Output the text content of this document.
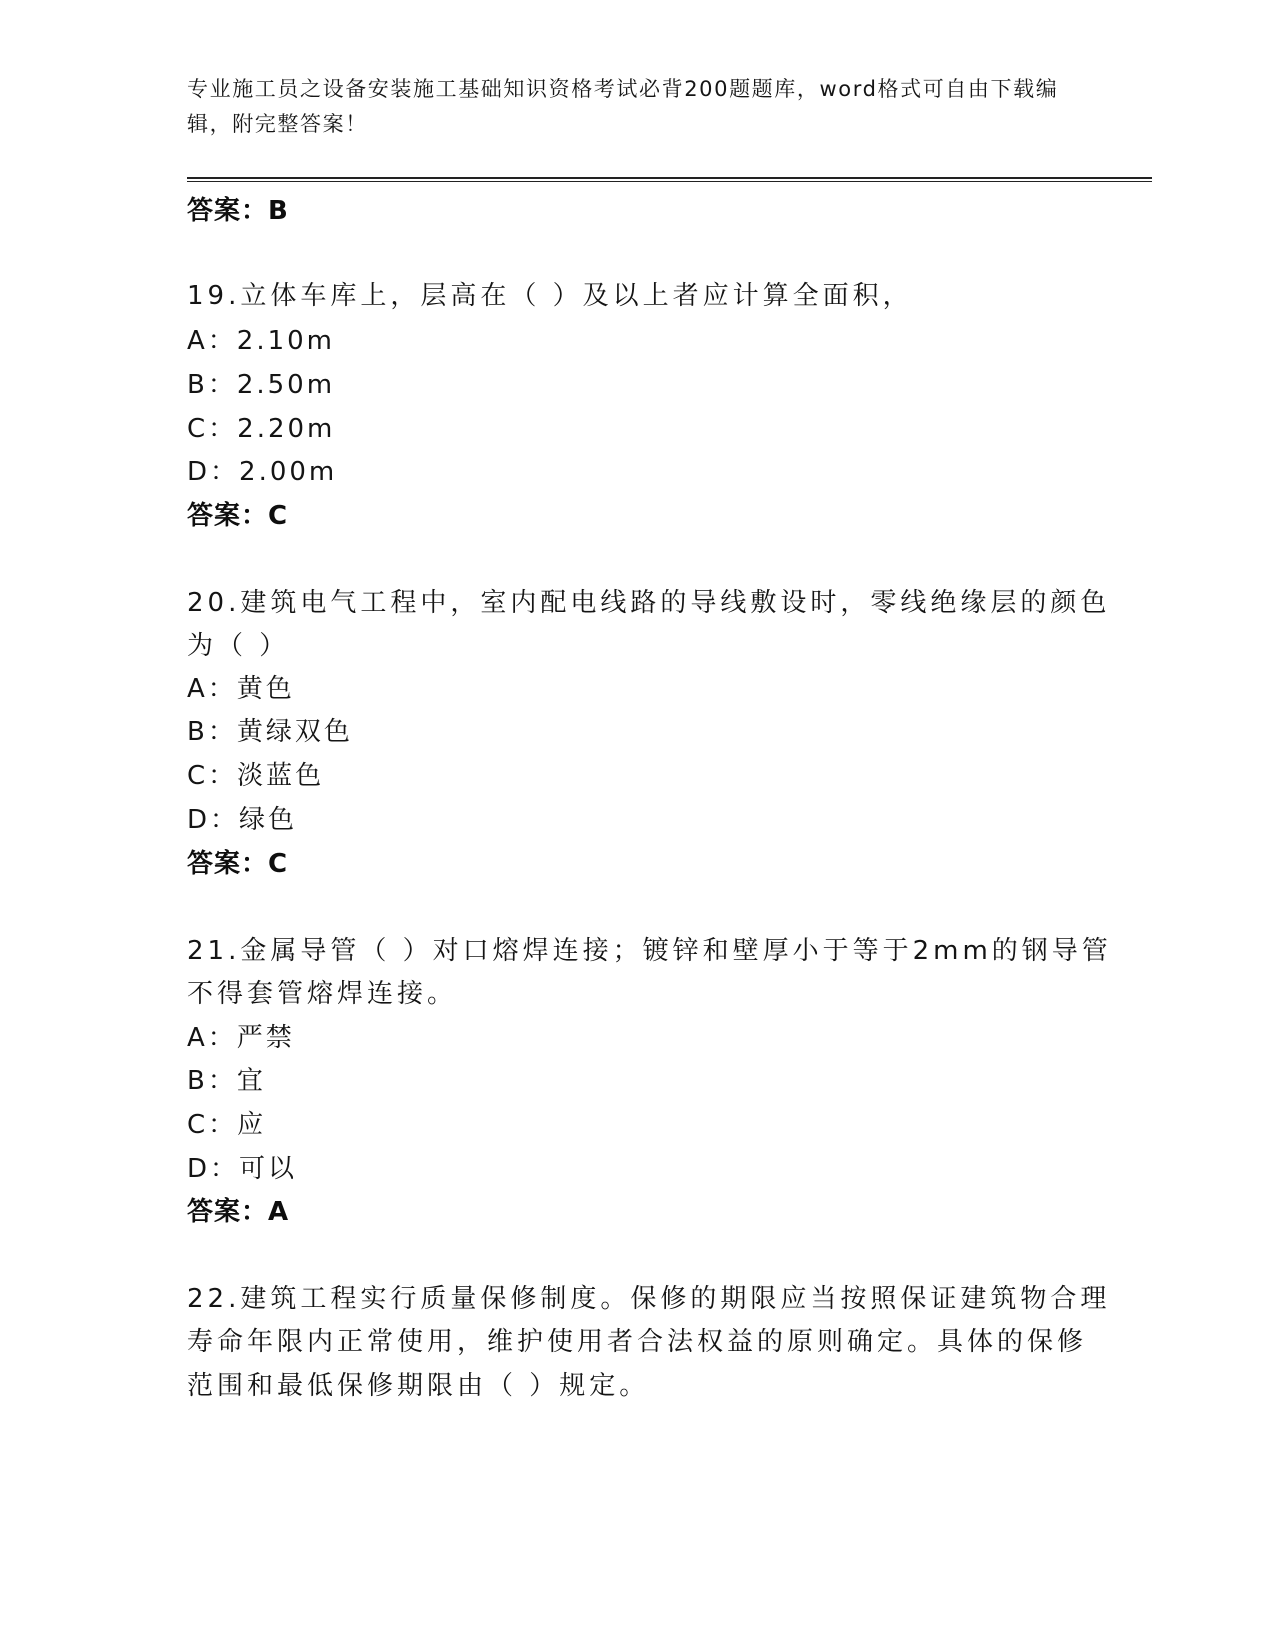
专业施工员之设备安装施工基础知识资格考试必背200题题库，word格式可自由下载编辑，附完整答案！
答案：B
19.立体车库上，层高在（ ）及以上者应计算全面积，
A：2.10m
B：2.50m
C：2.20m
D：2.00m
答案：C
20.建筑电气工程中，室内配电线路的导线敷设时，零线绝缘层的颜色
为（ ）
A：黄色
B：黄绿双色
C：淡蓝色
D：绿色
答案：C
21.金属导管（ ）对口熔焊连接；镀锌和壁厚小于等于2mm的钢导管
不得套管熔焊连接。
A：严禁
B：宜
C：应
D：可以
答案：A
22.建筑工程实行质量保修制度。保修的期限应当按照保证建筑物合理
寿命年限内正常使用，维护使用者合法权益的原则确定。具体的保修
范围和最低保修期限由（ ）规定。
